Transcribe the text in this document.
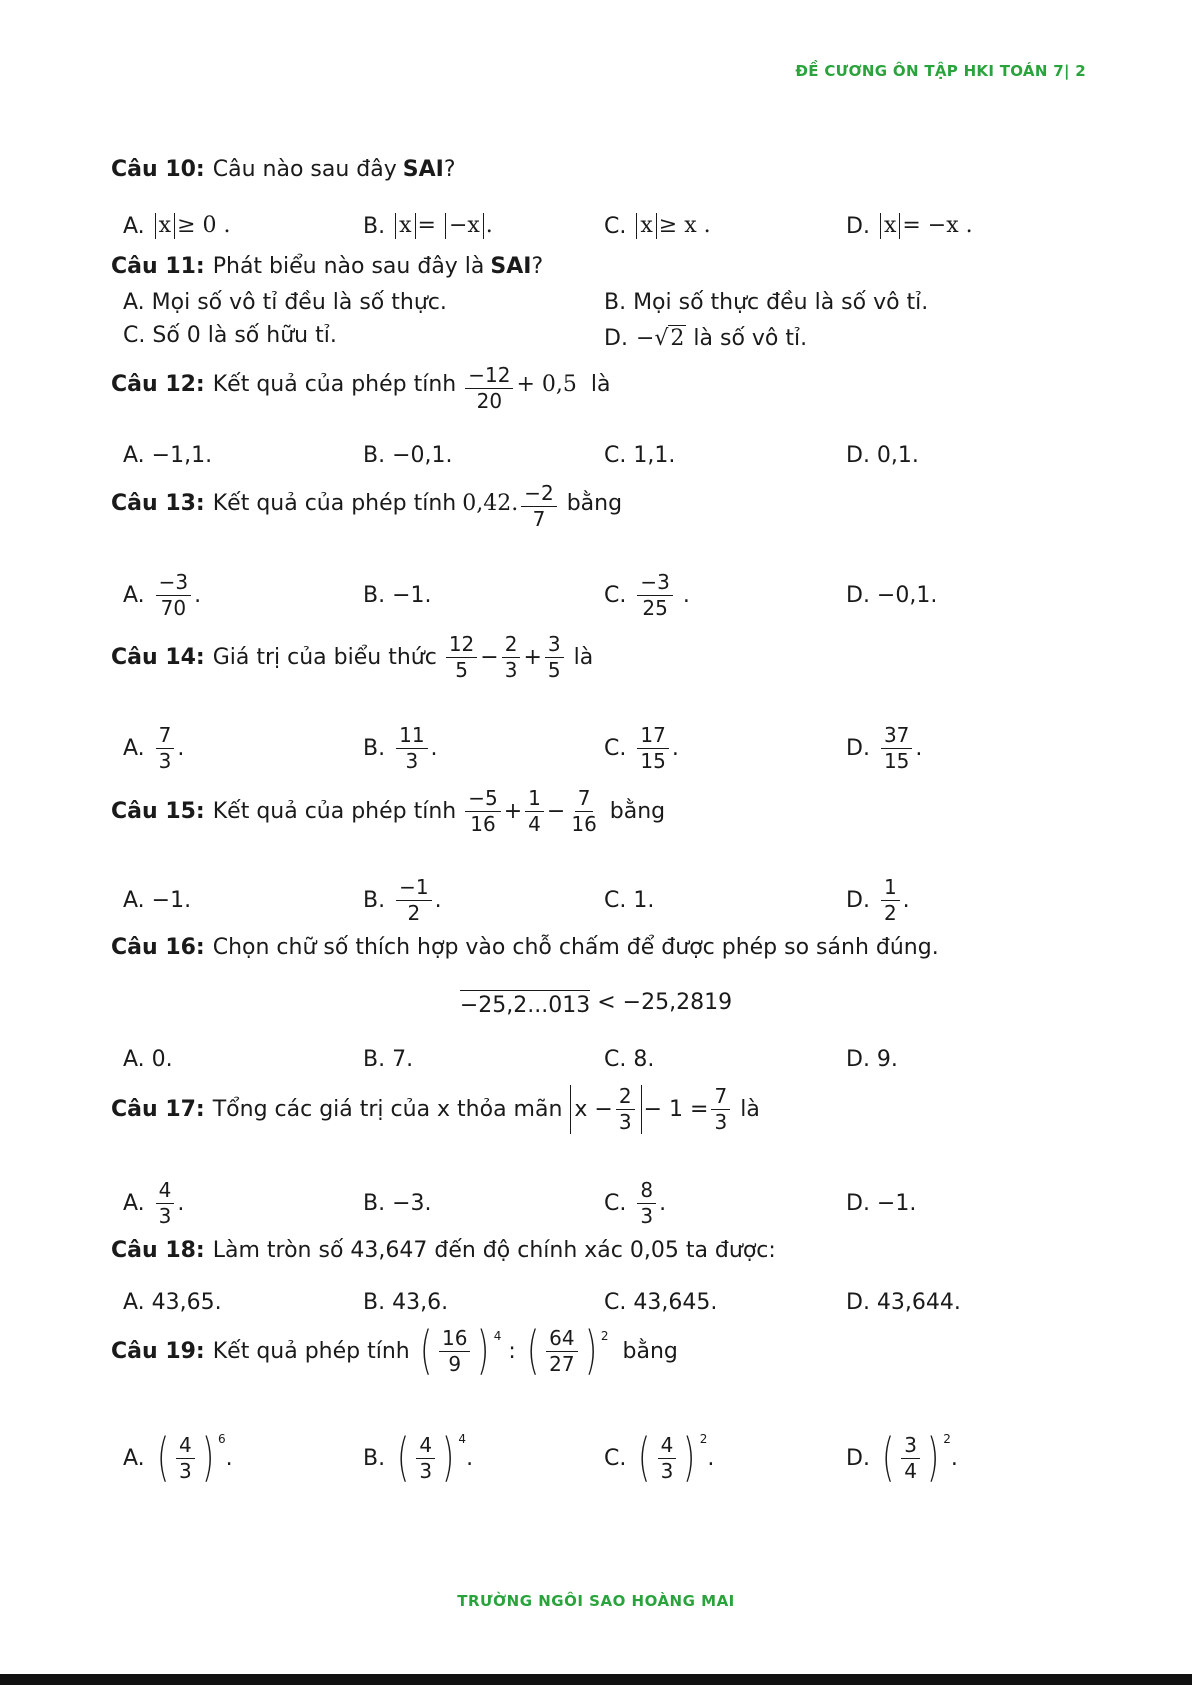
ĐỀ CƯƠNG ÔN TẬP HKI TOÁN 7| 2
Câu 10: Câu nào sau đây SAI ?
A. x ≥ 0 .	B. x = −x .	C. x ≥ x .	D. x = −x .
Câu 11: Phát biểu nào sau đây là SAI ?
A. Mọi số vô tỉ đều là số thực.	B. Mọi số thực đều là số vô tỉ.
C. Số 0 là số hữu tỉ.	D. −√2
là số vô tỉ.
Câu 12: Kết quả của phép tính $\frac{-12}{20} + 0,5$
là
A. −1,1.	B. −0,1.	C. 1,1.	D. 0,1.
Câu 13: Kết quả của phép tính 0,42. $\frac{-2}{7}$
bằng
A. $\frac{-3}{70}$ .	B. −1.	C. $\frac{-3}{25}$ .	D. −0,1.
Câu 14: Giá trị của biểu thức $\frac{12}{5} - \frac{2}{3} + \frac{3}{5}$
là
A. $\frac{7}{3}$ .	B. $\frac{11}{3}$ .	C. $\frac{17}{15}$ .	D. $\frac{37}{15}$ .
Câu 15: Kết quả của phép tính $\frac{-5}{16} + \frac{1}{4} - \frac{7}{16}$
bằng
A. −1.	B. $\frac{-1}{2}$ .	C. 1.	D. $\frac{1}{2}$ .
Câu 16: Chọn chữ số thích hợp vào chỗ chấm để được phép so sánh đúng.
−25,2...013 < −25,2819
A. 0.	B. 7.	C. 8.	D. 9.
Câu 17: Tổng các giá trị của x thỏa mãn $x - \frac{2}{3} - 1 = \frac{7}{3}$
là
A. $\frac{4}{3}$ .	B. −3.	C. $\frac{8}{3}$ .	D. −1.
Câu 18: Làm tròn số 43,647 đến độ chính xác 0,05 ta được:
A. 43,65.	B. 43,6.	C. 43,645.	D. 43,644.
Câu 19: Kết quả phép tính ( $\frac{16}{9}$ ) 4
: ( $\frac{64}{27}$ ) 2

bằng
A. ( $\frac{4}{3}$ ) 6
.	B. ( $\frac{4}{3}$ ) 4
.	C. ( $\frac{4}{3}$ ) 2
.	D. ( $\frac{3}{4}$ ) 2
.
TRƯỜNG NGÔI SAO HOÀNG MAI
